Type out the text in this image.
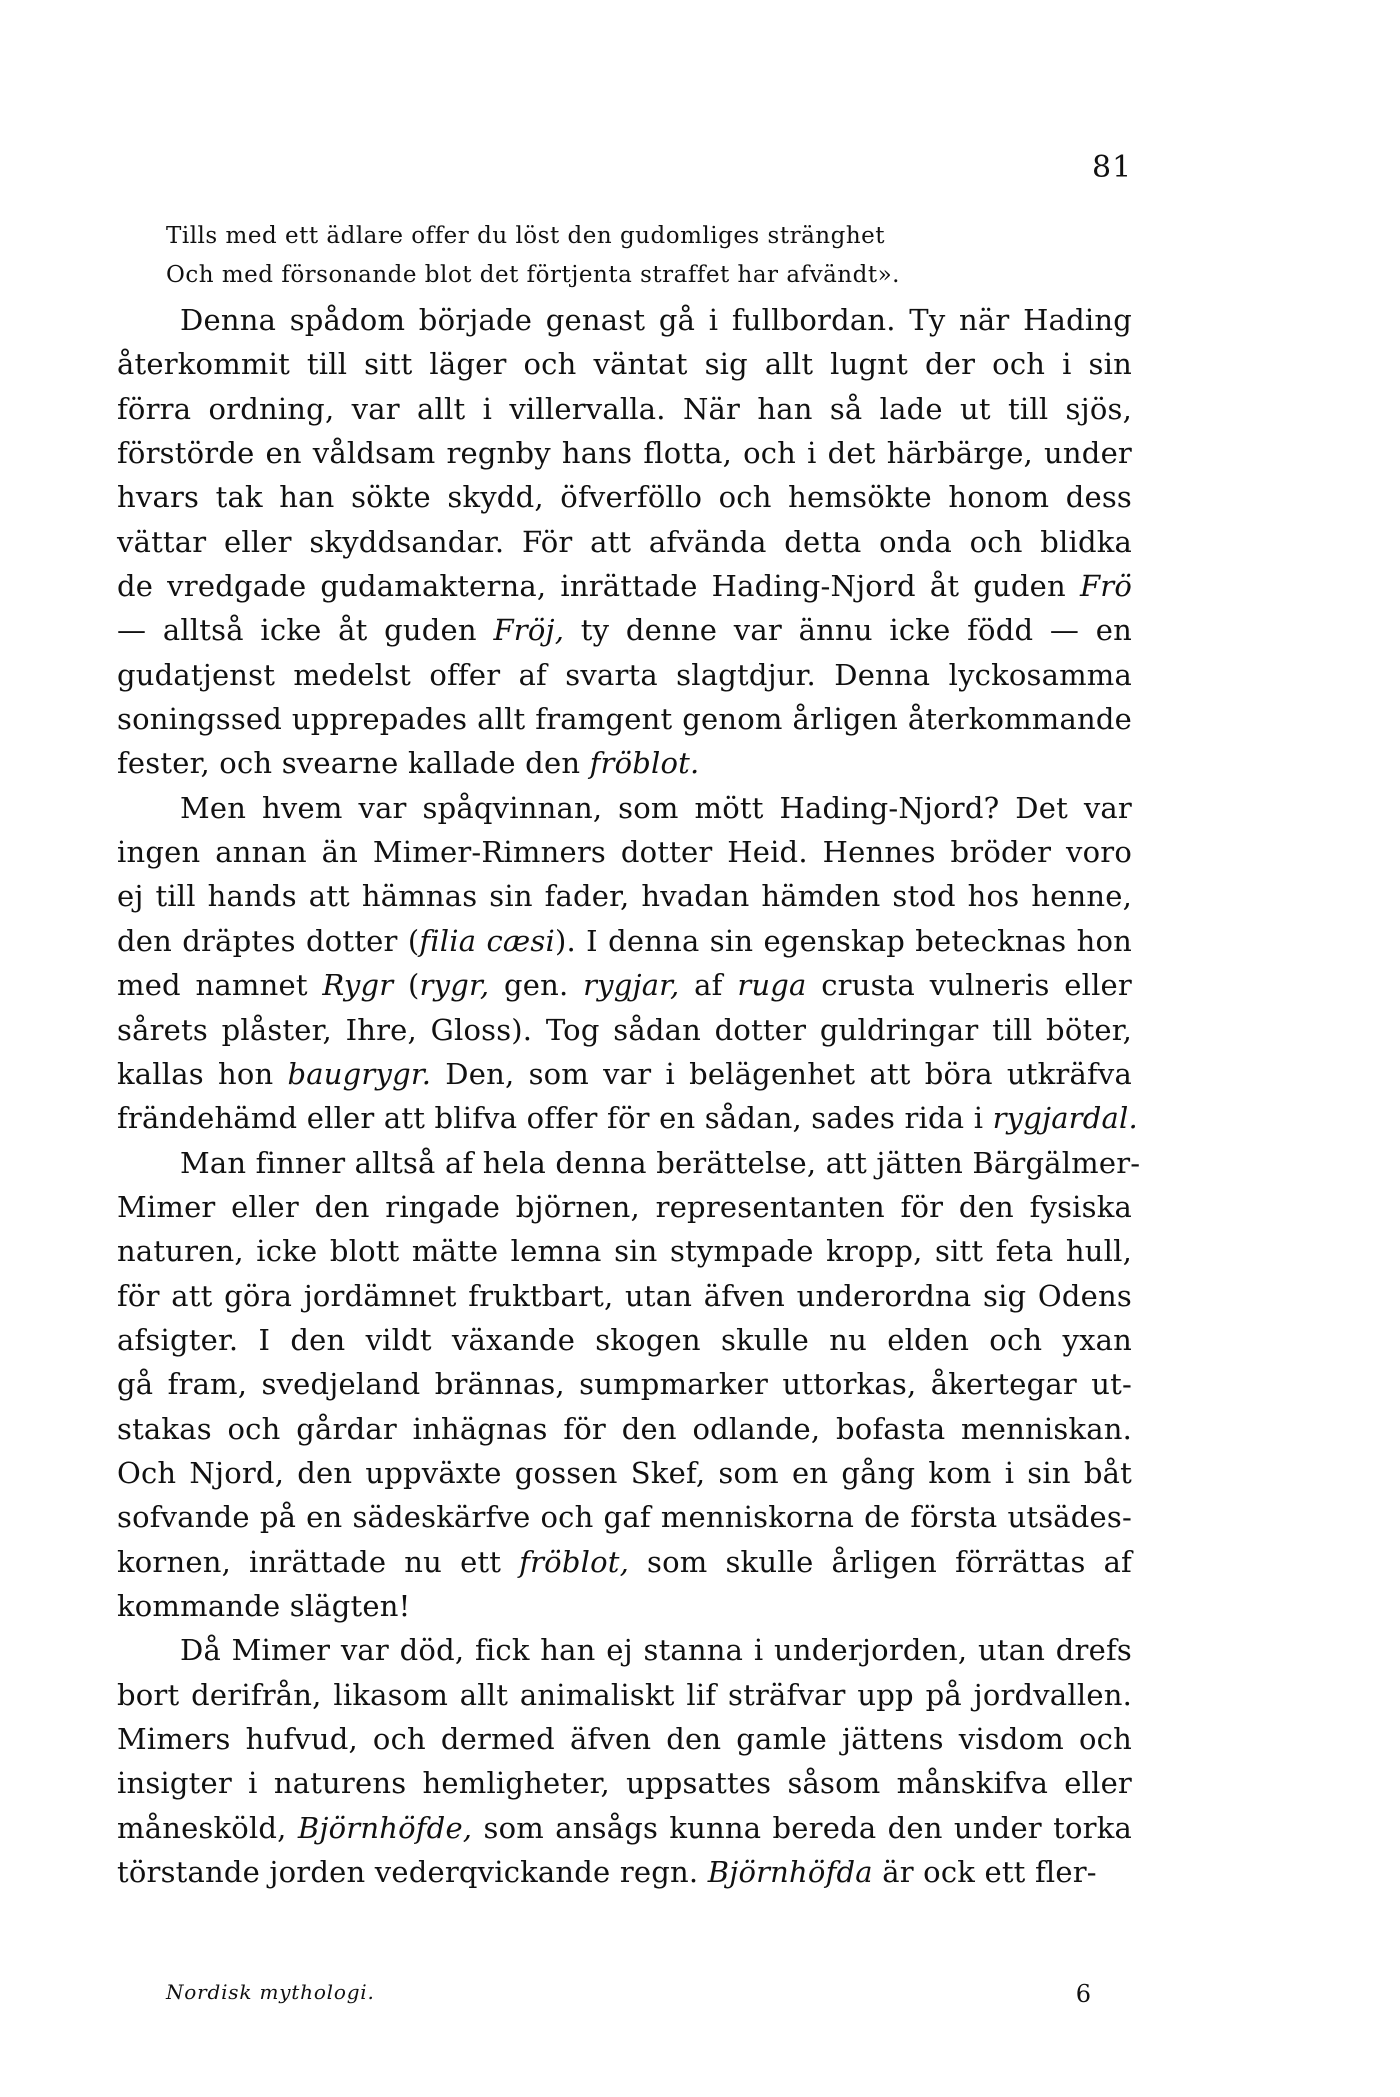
81
Tills med ett ädlare offer du löst den gudomliges stränghet
Och med försonande blot det förtjenta straffet har afvändt».

Denna spådom började genast gå i fullbordan. Ty när Hading
återkommit till sitt läger och väntat sig allt lugnt der och i sin
förra ordning, var allt i villervalla. När han så lade ut till sjös,
förstörde en våldsam regnby hans flotta, och i det härbärge, under
hvars tak han sökte skydd, öfverföllo och hemsökte honom dess
vättar eller skyddsandar. För att afvända detta onda och blidka
de vredgade gudamakterna, inrättade Hading-Njord åt guden Frö
— alltså icke åt guden Fröj, ty denne var ännu icke född — en
gudatjenst medelst offer af svarta slagtdjur. Denna lyckosamma
soningssed upprepades allt framgent genom årligen återkommande
fester, och svearne kallade den fröblot.

Men hvem var spåqvinnan, som mött Hading-Njord? Det var
ingen annan än Mimer-Rimners dotter Heid. Hennes bröder voro
ej till hands att hämnas sin fader, hvadan hämden stod hos henne,
den dräptes dotter (filia cæsi). I denna sin egenskap betecknas hon
med namnet Rygr (rygr, gen. rygjar, af ruga crusta vulneris eller
sårets plåster, Ihre, Gloss). Tog sådan dotter guldringar till böter,
kallas hon baugrygr. Den, som var i belägenhet att böra utkräfva
frändehämd eller att blifva offer för en sådan, sades rida i rygjardal.

Man finner alltså af hela denna berättelse, att jätten Bärgälmer-
Mimer eller den ringade björnen, representanten för den fysiska
naturen, icke blott mätte lemna sin stympade kropp, sitt feta hull,
för att göra jordämnet fruktbart, utan äfven underordna sig Odens
afsigter. I den vildt växande skogen skulle nu elden och yxan
gå fram, svedjeland brännas, sumpmarker uttorkas, åkertegar ut-
stakas och gårdar inhägnas för den odlande, bofasta menniskan.
Och Njord, den uppväxte gossen Skef, som en gång kom i sin båt
sofvande på en sädeskärfve och gaf menniskorna de första utsädes-
kornen, inrättade nu ett fröblot, som skulle årligen förrättas af
kommande slägten!

Då Mimer var död, fick han ej stanna i underjorden, utan drefs
bort derifrån, likasom allt animaliskt lif sträfvar upp på jordvallen.
Mimers hufvud, och dermed äfven den gamle jättens visdom och
insigter i naturens hemligheter, uppsattes såsom månskifva eller
månesköld, Björnhöfde, som ansågs kunna bereda den under torka
törstande jorden vederqvickande regn. Björnhöfda är ock ett fler-

Nordisk mythologi.	6
